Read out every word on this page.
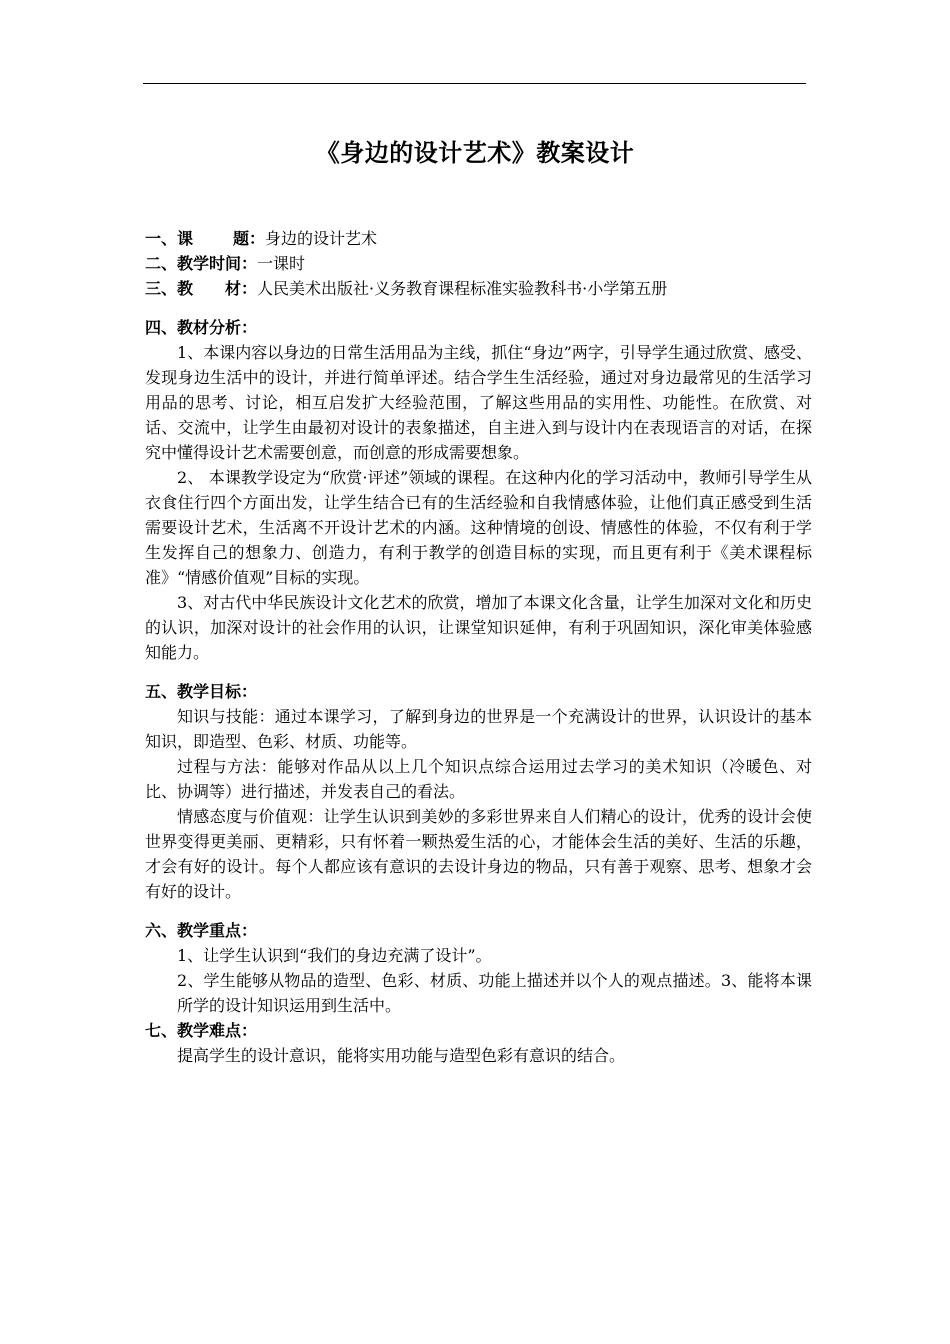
《身边的设计艺术》教案设计
一、课	题：身边的设计艺术
二、教学时间：一课时
三、教 材：人民美术出版社·义务教育课程标准实验教科书·小学第五册
四、教材分析：
1、本课内容以身边的日常生活用品为主线，抓住“身边”两字，引导学生通过欣赏、感受、发现身边生活中的设计，并进行简单评述。结合学生生活经验，通过对身边最常见的生活学习用品的思考、讨论，相互启发扩大经验范围，了解这些用品的实用性、功能性。在欣赏、对话、交流中，让学生由最初对设计的表象描述，自主进入到与设计内在表现语言的对话，在探究中懂得设计艺术需要创意，而创意的形成需要想象。
2、 本课教学设定为“欣赏·评述”领域的课程。在这种内化的学习活动中，教师引导学生从衣食住行四个方面出发，让学生结合已有的生活经验和自我情感体验，让他们真正感受到生活需要设计艺术，生活离不开设计艺术的内涵。这种情境的创设、情感性的体验，不仅有利于学生发挥自己的想象力、创造力，有利于教学的创造目标的实现，而且更有利于《美术课程标准》“情感价值观”目标的实现。
3、对古代中华民族设计文化艺术的欣赏，增加了本课文化含量，让学生加深对文化和历史的认识，加深对设计的社会作用的认识，让课堂知识延伸，有利于巩固知识，深化审美体验感知能力。
五、教学目标：
知识与技能：通过本课学习，了解到身边的世界是一个充满设计的世界，认识设计的基本知识，即造型、色彩、材质、功能等。
过程与方法：能够对作品从以上几个知识点综合运用过去学习的美术知识（冷暖色、对比、协调等）进行描述，并发表自己的看法。
情感态度与价值观：让学生认识到美妙的多彩世界来自人们精心的设计，优秀的设计会使世界变得更美丽、更精彩，只有怀着一颗热爱生活的心，才能体会生活的美好、生活的乐趣，才会有好的设计。每个人都应该有意识的去设计身边的物品，只有善于观察、思考、想象才会有好的设计。
六、教学重点：
1、让学生认识到“我们的身边充满了设计”。
2、学生能够从物品的造型、色彩、材质、功能上描述并以个人的观点描述。3、能将本课所学的设计知识运用到生活中。
七、教学难点：
提高学生的设计意识，能将实用功能与造型色彩有意识的结合。
